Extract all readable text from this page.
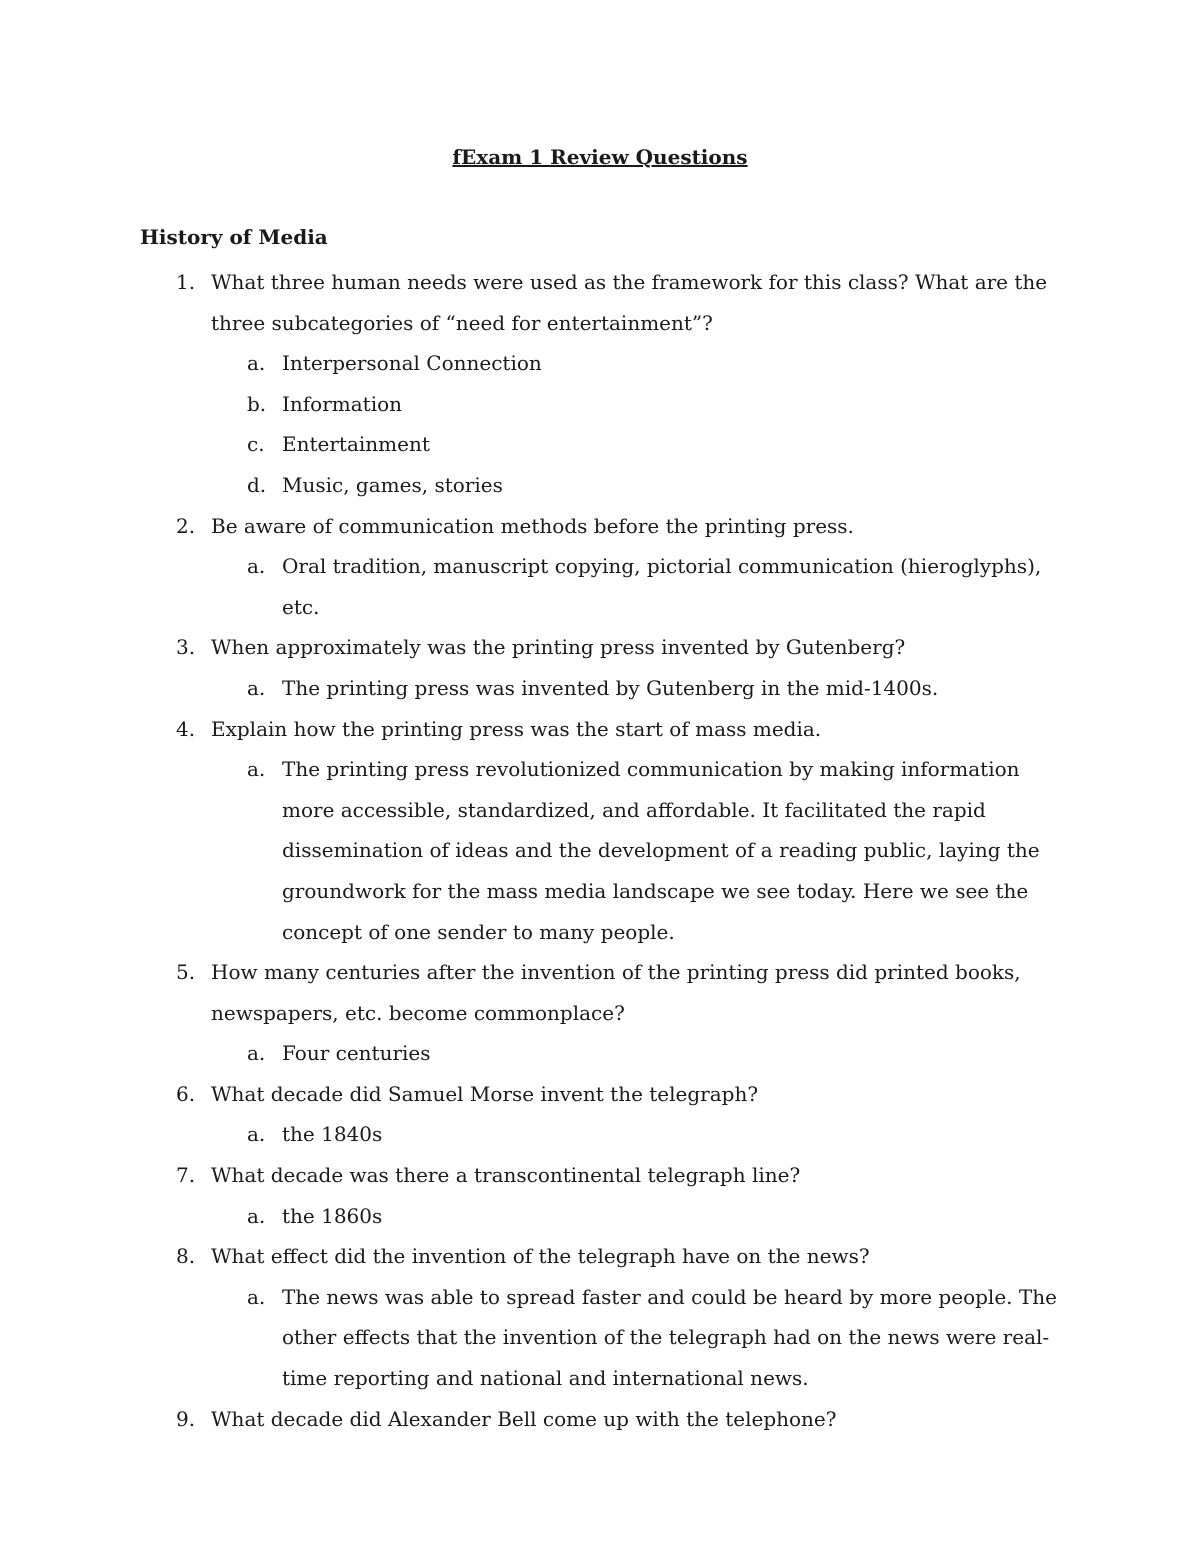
fExam 1 Review Questions
History of Media
1. What three human needs were used as the framework for this class? What are the three subcategories of “need for entertainment”?
a. Interpersonal Connection
b. Information
c. Entertainment
d. Music, games, stories
2. Be aware of communication methods before the printing press.
a. Oral tradition, manuscript copying, pictorial communication (hieroglyphs), etc.
3. When approximately was the printing press invented by Gutenberg?
a. The printing press was invented by Gutenberg in the mid-1400s.
4. Explain how the printing press was the start of mass media.
a. The printing press revolutionized communication by making information more accessible, standardized, and affordable. It facilitated the rapid dissemination of ideas and the development of a reading public, laying the groundwork for the mass media landscape we see today. Here we see the concept of one sender to many people.
5. How many centuries after the invention of the printing press did printed books, newspapers, etc. become commonplace?
a. Four centuries
6. What decade did Samuel Morse invent the telegraph?
a. the 1840s
7. What decade was there a transcontinental telegraph line?
a. the 1860s
8. What effect did the invention of the telegraph have on the news?
a. The news was able to spread faster and could be heard by more people. The other effects that the invention of the telegraph had on the news were real-time reporting and national and international news.
9. What decade did Alexander Bell come up with the telephone?
